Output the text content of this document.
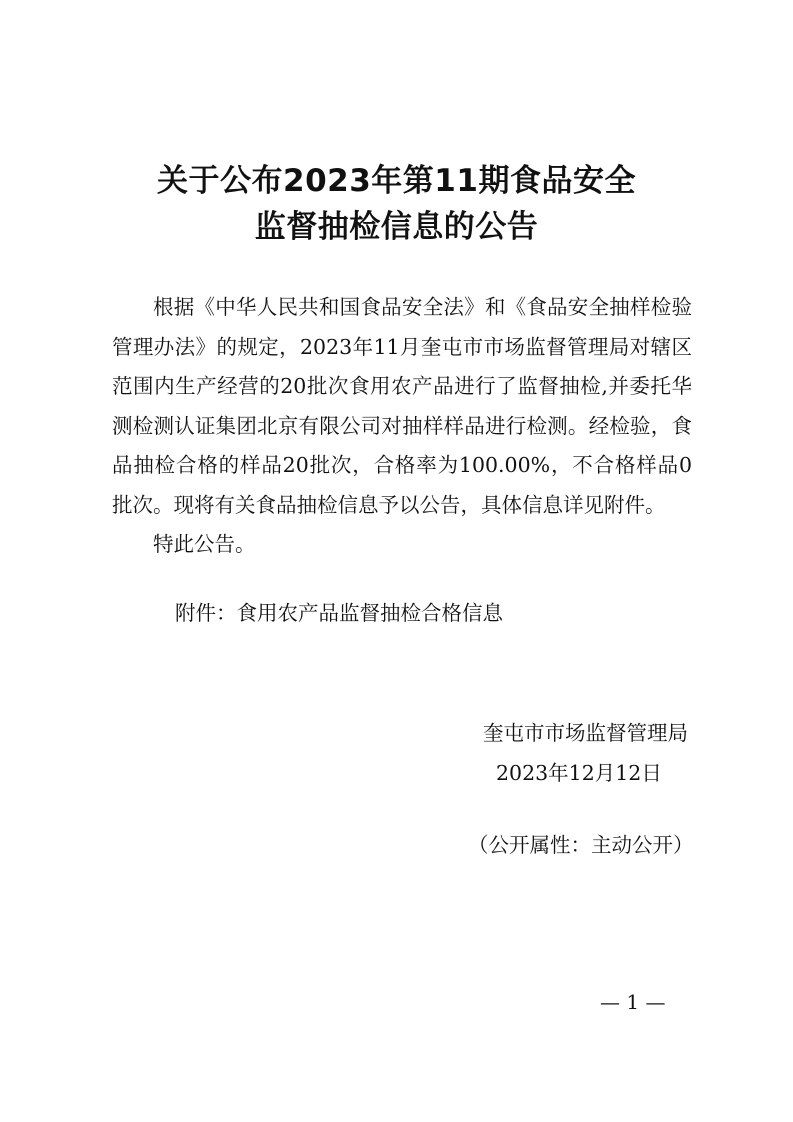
关于公布2023年第11期食品安全
监督抽检信息的公告

根据《中华人民共和国食品安全法》和《食品安全抽样检验管理办法》的规定，2023年11月奎屯市市场监督管理局对辖区范围内生产经营的20批次食用农产品进行了监督抽检,并委托华测检测认证集团北京有限公司对抽样样品进行检测。经检验，食品抽检合格的样品20批次，合格率为100.00%，不合格样品0批次。现将有关食品抽检信息予以公告，具体信息详见附件。

特此公告。

附件：食用农产品监督抽检合格信息
奎屯市市场监督管理局
2023年12月12日
（公开属性：主动公开）
— 1 —
